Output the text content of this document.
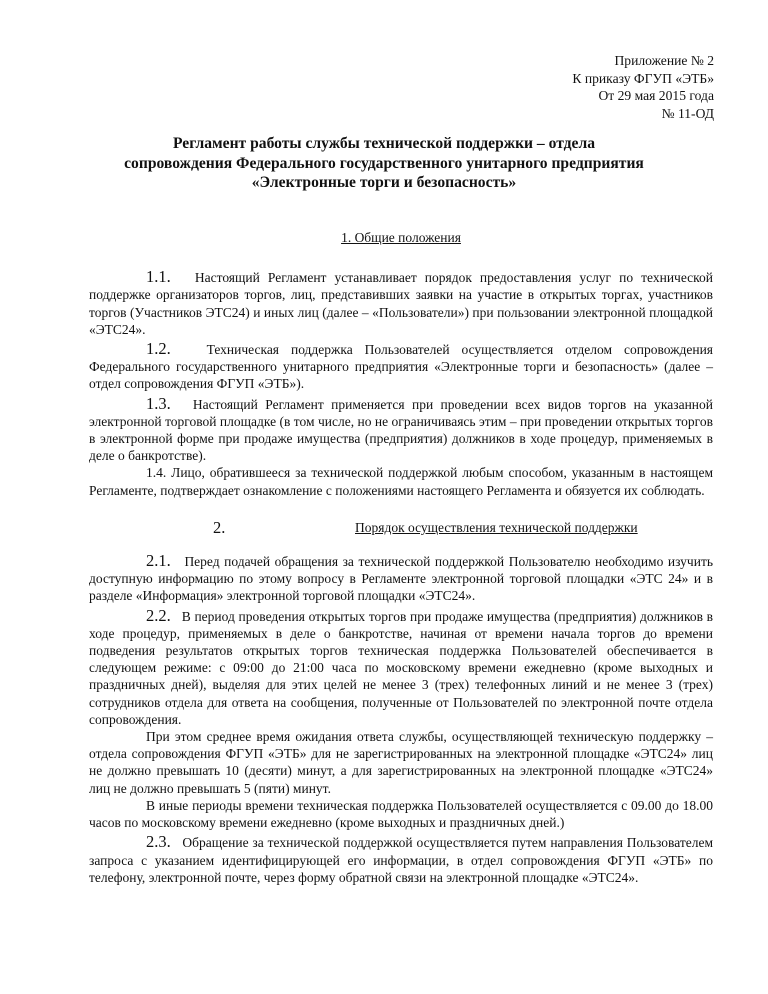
Приложение № 2
К приказу ФГУП «ЭТБ»
От 29 мая 2015 года
№ 11-ОД
Регламент работы службы технической поддержки – отдела
сопровождения Федерального государственного унитарного предприятия
«Электронные торги и безопасность»
1. Общие положения

1.1. Настоящий Регламент устанавливает порядок предоставления услуг по технической поддержке организаторов торгов, лиц, представивших заявки на участие в открытых торгах, участников торгов (Участников ЭТС24) и иных лиц (далее – «Пользователи») при пользовании электронной площадкой «ЭТС24».

1.2.	Техническая поддержка Пользователей осуществляется отделом сопровождения Федерального государственного унитарного предприятия «Электронные торги и безопасность» (далее – отдел сопровождения ФГУП «ЭТБ»).

1.3. Настоящий Регламент применяется при проведении всех видов торгов на указанной электронной торговой площадке (в том числе, но не ограничиваясь этим – при проведении открытых торгов в электронной форме при продаже имущества (предприятия) должников в ходе процедур, применяемых в деле о банкротстве).

1.4. Лицо, обратившееся за технической поддержкой любым способом, указанным в настоящем Регламенте, подтверждает ознакомление с положениями настоящего Регламента и обязуется их соблюдать.

2.	Порядок осуществления технической поддержки

2.1. Перед подачей обращения за технической поддержкой Пользователю необходимо изучить доступную информацию по этому вопросу в Регламенте электронной торговой площадки «ЭТС 24» и в разделе «Информация» электронной торговой площадки «ЭТС24».

2.2. В период проведения открытых торгов при продаже имущества (предприятия) должников в ходе процедур, применяемых в деле о банкротстве, начиная от времени начала торгов до времени подведения результатов открытых торгов техническая поддержка Пользователей обеспечивается в следующем режиме: с 09:00 до 21:00 часа по московскому времени ежедневно (кроме выходных и праздничных дней), выделяя для этих целей не менее 3 (трех) телефонных линий и не менее 3 (трех) сотрудников отдела для ответа на сообщения, полученные от Пользователей по электронной почте отдела сопровождения.

При этом среднее время ожидания ответа службы, осуществляющей техническую поддержку – отдела сопровождения ФГУП «ЭТБ» для не зарегистрированных на электронной площадке «ЭТС24» лиц не должно превышать 10 (десяти) минут, а для зарегистрированных на электронной площадке «ЭТС24» лиц не должно превышать 5 (пяти) минут.

В иные периоды времени техническая поддержка Пользователей осуществляется с 09.00 до 18.00 часов по московскому времени ежедневно (кроме выходных и праздничных дней.)

2.3. Обращение за технической поддержкой осуществляется путем направления Пользователем запроса с указанием идентифицирующей его информации, в отдел сопровождения ФГУП «ЭТБ» по телефону, электронной почте, через форму обратной связи на электронной площадке «ЭТС24».
